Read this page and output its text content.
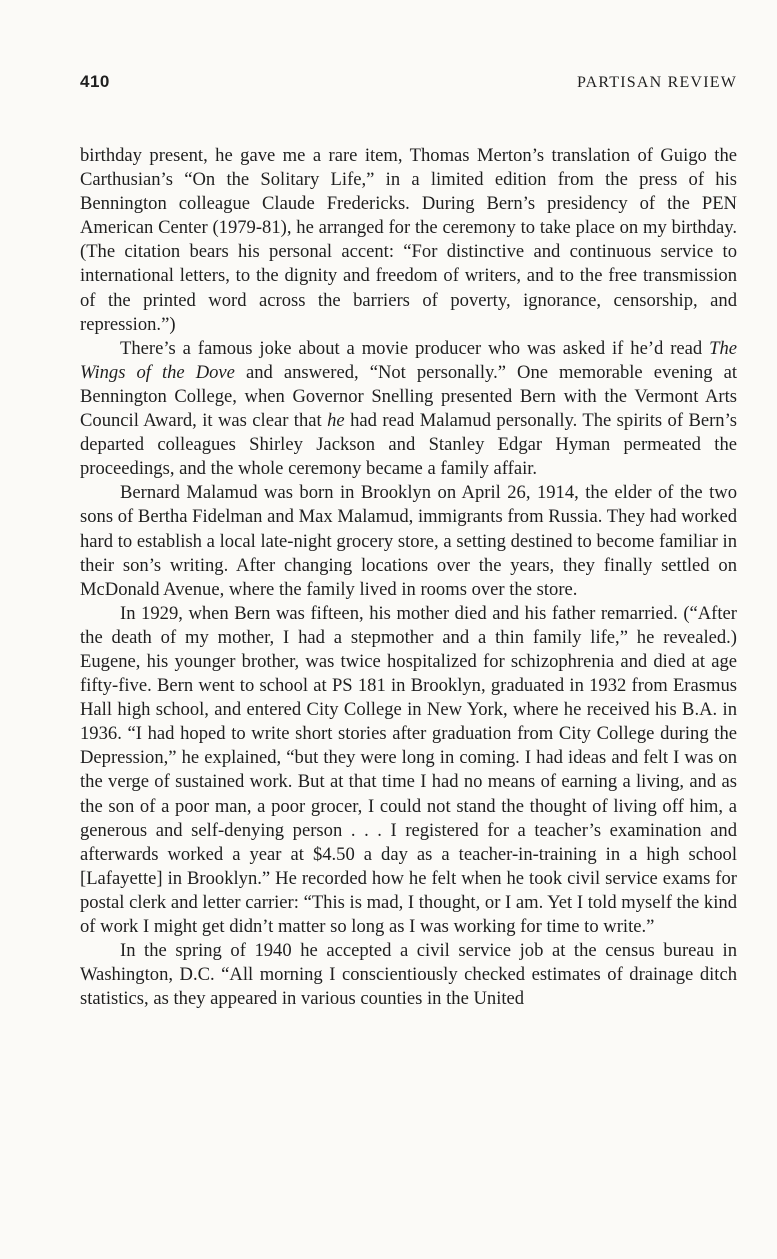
410	PARTISAN REVIEW

birthday present, he gave me a rare item, Thomas Merton’s translation of Guigo the Carthusian’s “On the Solitary Life,” in a limited edition from the press of his Bennington colleague Claude Fredericks. During Bern’s presidency of the PEN American Center (1979-81), he arranged for the ceremony to take place on my birthday. (The citation bears his personal accent: “For distinctive and continuous service to international letters, to the dignity and freedom of writers, and to the free transmission of the printed word across the barriers of poverty, ignorance, censorship, and repression.”)

There’s a famous joke about a movie producer who was asked if he’d read The Wings of the Dove and answered, “Not personally.” One memorable evening at Bennington College, when Governor Snelling presented Bern with the Vermont Arts Council Award, it was clear that he had read Malamud personally. The spirits of Bern’s departed colleagues Shirley Jackson and Stanley Edgar Hyman permeated the proceedings, and the whole ceremony became a family affair.

Bernard Malamud was born in Brooklyn on April 26, 1914, the elder of the two sons of Bertha Fidelman and Max Malamud, immigrants from Russia. They had worked hard to establish a local late-night grocery store, a setting destined to become familiar in their son’s writing. After changing locations over the years, they finally settled on McDonald Avenue, where the family lived in rooms over the store.

In 1929, when Bern was fifteen, his mother died and his father remarried. (“After the death of my mother, I had a stepmother and a thin family life,” he revealed.) Eugene, his younger brother, was twice hospitalized for schizophrenia and died at age fifty-five. Bern went to school at PS 181 in Brooklyn, graduated in 1932 from Erasmus Hall high school, and entered City College in New York, where he received his B.A. in 1936. “I had hoped to write short stories after graduation from City College during the Depression,” he explained, “but they were long in coming. I had ideas and felt I was on the verge of sustained work. But at that time I had no means of earning a living, and as the son of a poor man, a poor grocer, I could not stand the thought of living off him, a generous and self-denying person . . . I registered for a teacher’s examination and afterwards worked a year at $4.50 a day as a teacher-in-training in a high school [Lafayette] in Brooklyn.” He recorded how he felt when he took civil service exams for postal clerk and letter carrier: “This is mad, I thought, or I am. Yet I told myself the kind of work I might get didn’t matter so long as I was working for time to write.”

In the spring of 1940 he accepted a civil service job at the census bureau in Washington, D.C. “All morning I conscientiously checked estimates of drainage ditch statistics, as they appeared in various counties in the United
